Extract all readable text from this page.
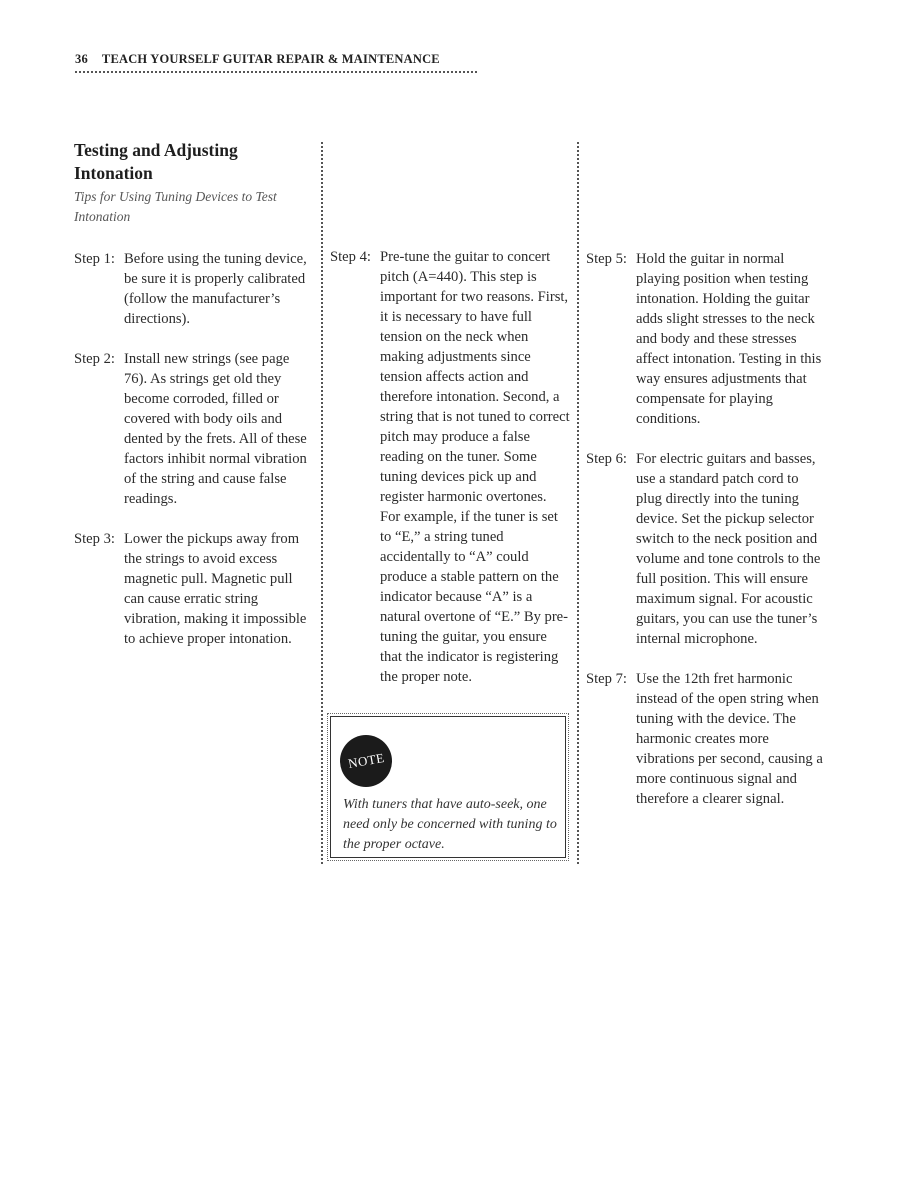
36 TEACH YOURSELF GUITAR REPAIR & MAINTENANCE
Testing and Adjusting Intonation
Tips for Using Tuning Devices to Test Intonation
Step 1: Before using the tuning device, be sure it is properly calibrated (follow the manufacturer’s directions).
Step 2: Install new strings (see page 76). As strings get old they become corroded, filled or covered with body oils and dented by the frets. All of these factors inhibit normal vibration of the string and cause false readings.
Step 3: Lower the pickups away from the strings to avoid excess magnetic pull. Magnetic pull can cause erratic string vibration, making it impossible to achieve proper intonation.
Step 4: Pre-tune the guitar to concert pitch (A=440). This step is important for two reasons. First, it is necessary to have full tension on the neck when making adjustments since tension affects action and therefore intonation. Second, a string that is not tuned to correct pitch may produce a false reading on the tuner. Some tuning devices pick up and register harmonic overtones. For example, if the tuner is set to “E,” a string tuned accidentally to “A” could produce a stable pattern on the indicator because “A” is a natural overtone of “E.” By pre-tuning the guitar, you ensure that the indicator is registering the proper note.
NOTE
With tuners that have auto-seek, one need only be concerned with tuning to the proper octave.
Step 5: Hold the guitar in normal playing position when testing intonation. Holding the guitar adds slight stresses to the neck and body and these stresses affect intonation. Testing in this way ensures adjustments that compensate for playing conditions.
Step 6: For electric guitars and basses, use a standard patch cord to plug directly into the tuning device. Set the pickup selector switch to the neck position and volume and tone controls to the full position. This will ensure maximum signal. For acoustic guitars, you can use the tuner’s internal microphone.
Step 7: Use the 12th fret harmonic instead of the open string when tuning with the device. The harmonic creates more vibrations per second, causing a more continuous signal and therefore a clearer signal.
